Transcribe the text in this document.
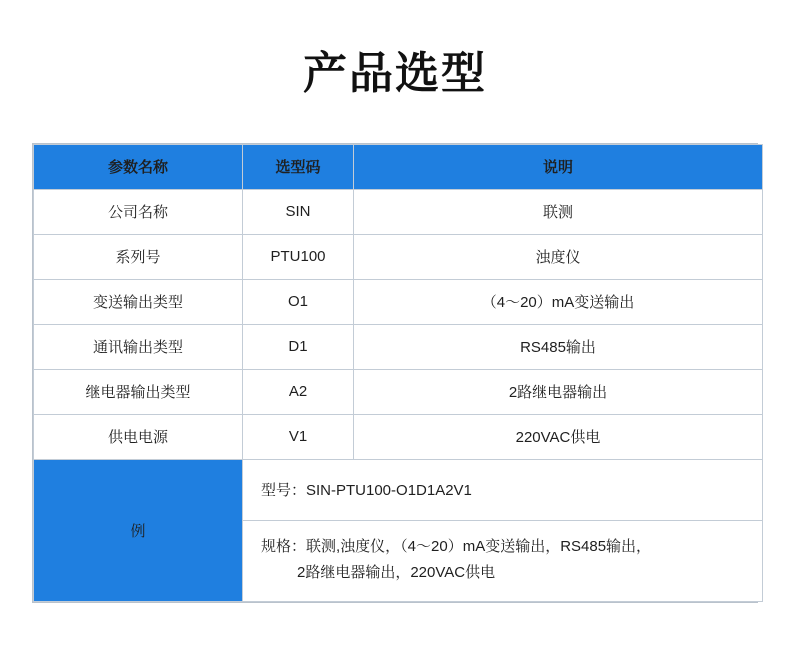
产品选型
参数名称	选型码	说明
公司名称	SIN	联测
系列号	PTU100	浊度仪
变送输出类型	O1	（4～20）mA变送输出
通讯输出类型	D1	RS485输出
继电器输出类型	A2	2路继电器输出
供电电源	V1	220VAC供电
例	型号：SIN-PTU100-O1D1A2V1	
	规格：联测,浊度仪，（4～20）mA变送输出，RS485输出，
2路继电器输出，220VAC供电	
